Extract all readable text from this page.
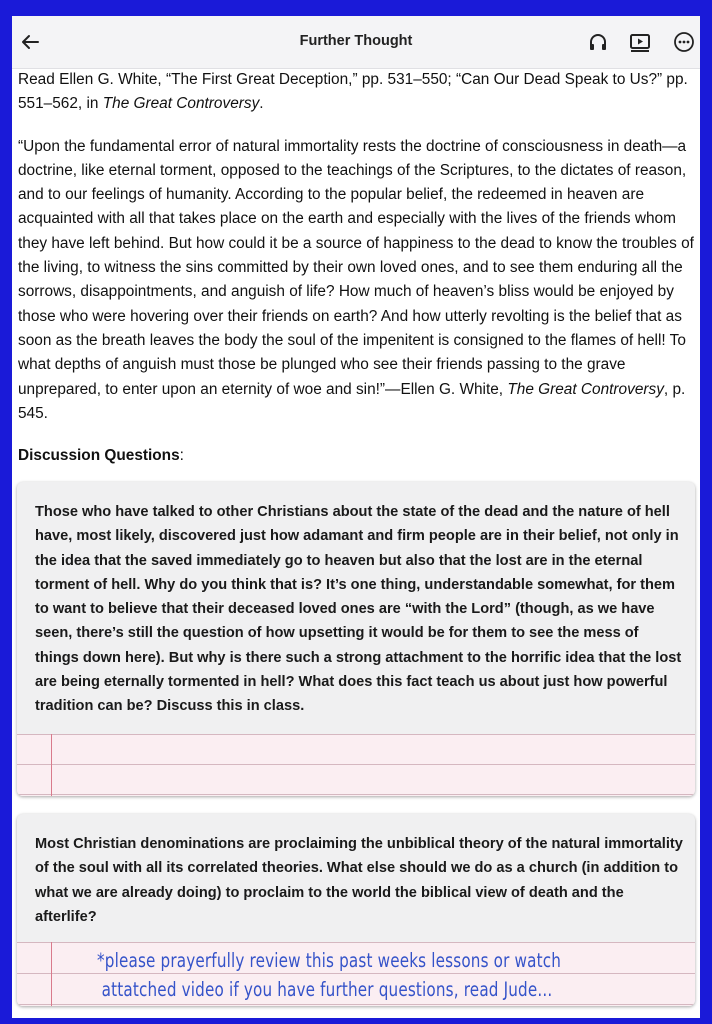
Further Thought

Read Ellen G. White, “The First Great Deception,” pp. 531–550; “Can Our Dead Speak to Us?” pp. 551–562, in The Great Controversy.

“Upon the fundamental error of natural immortality rests the doctrine of consciousness in death—a doctrine, like eternal torment, opposed to the teachings of the Scriptures, to the dictates of reason, and to our feelings of humanity. According to the popular belief, the redeemed in heaven are acquainted with all that takes place on the earth and especially with the lives of the friends whom they have left behind. But how could it be a source of happiness to the dead to know the troubles of the living, to witness the sins committed by their own loved ones, and to see them enduring all the sorrows, disappointments, and anguish of life? How much of heaven’s bliss would be enjoyed by those who were hovering over their friends on earth? And how utterly revolting is the belief that as soon as the breath leaves the body the soul of the impenitent is consigned to the flames of hell! To what depths of anguish must those be plunged who see their friends passing to the grave unprepared, to enter upon an eternity of woe and sin!”—Ellen G. White, The Great Controversy, p. 545.

Discussion Questions:

Those who have talked to other Christians about the state of the dead and the nature of hell have, most likely, discovered just how adamant and firm people are in their belief, not only in the idea that the saved immediately go to heaven but also that the lost are in the eternal torment of hell. Why do you think that is? It’s one thing, understandable somewhat, for them to want to believe that their deceased loved ones are “with the Lord” (though, as we have seen, there’s still the question of how upsetting it would be for them to see the mess of things down here). But why is there such a strong attachment to the horrific idea that the lost are being eternally tormented in hell? What does this fact teach us about just how powerful tradition can be? Discuss this in class.
Most Christian denominations are proclaiming the unbiblical theory of the natural immortality of the soul with all its correlated theories. What else should we do as a church (in addition to what we are already doing) to proclaim to the world the biblical view of death and the afterlife?
*please prayerfully review this past weeks lessons or watch
attatched video if you have further questions, read Jude...
